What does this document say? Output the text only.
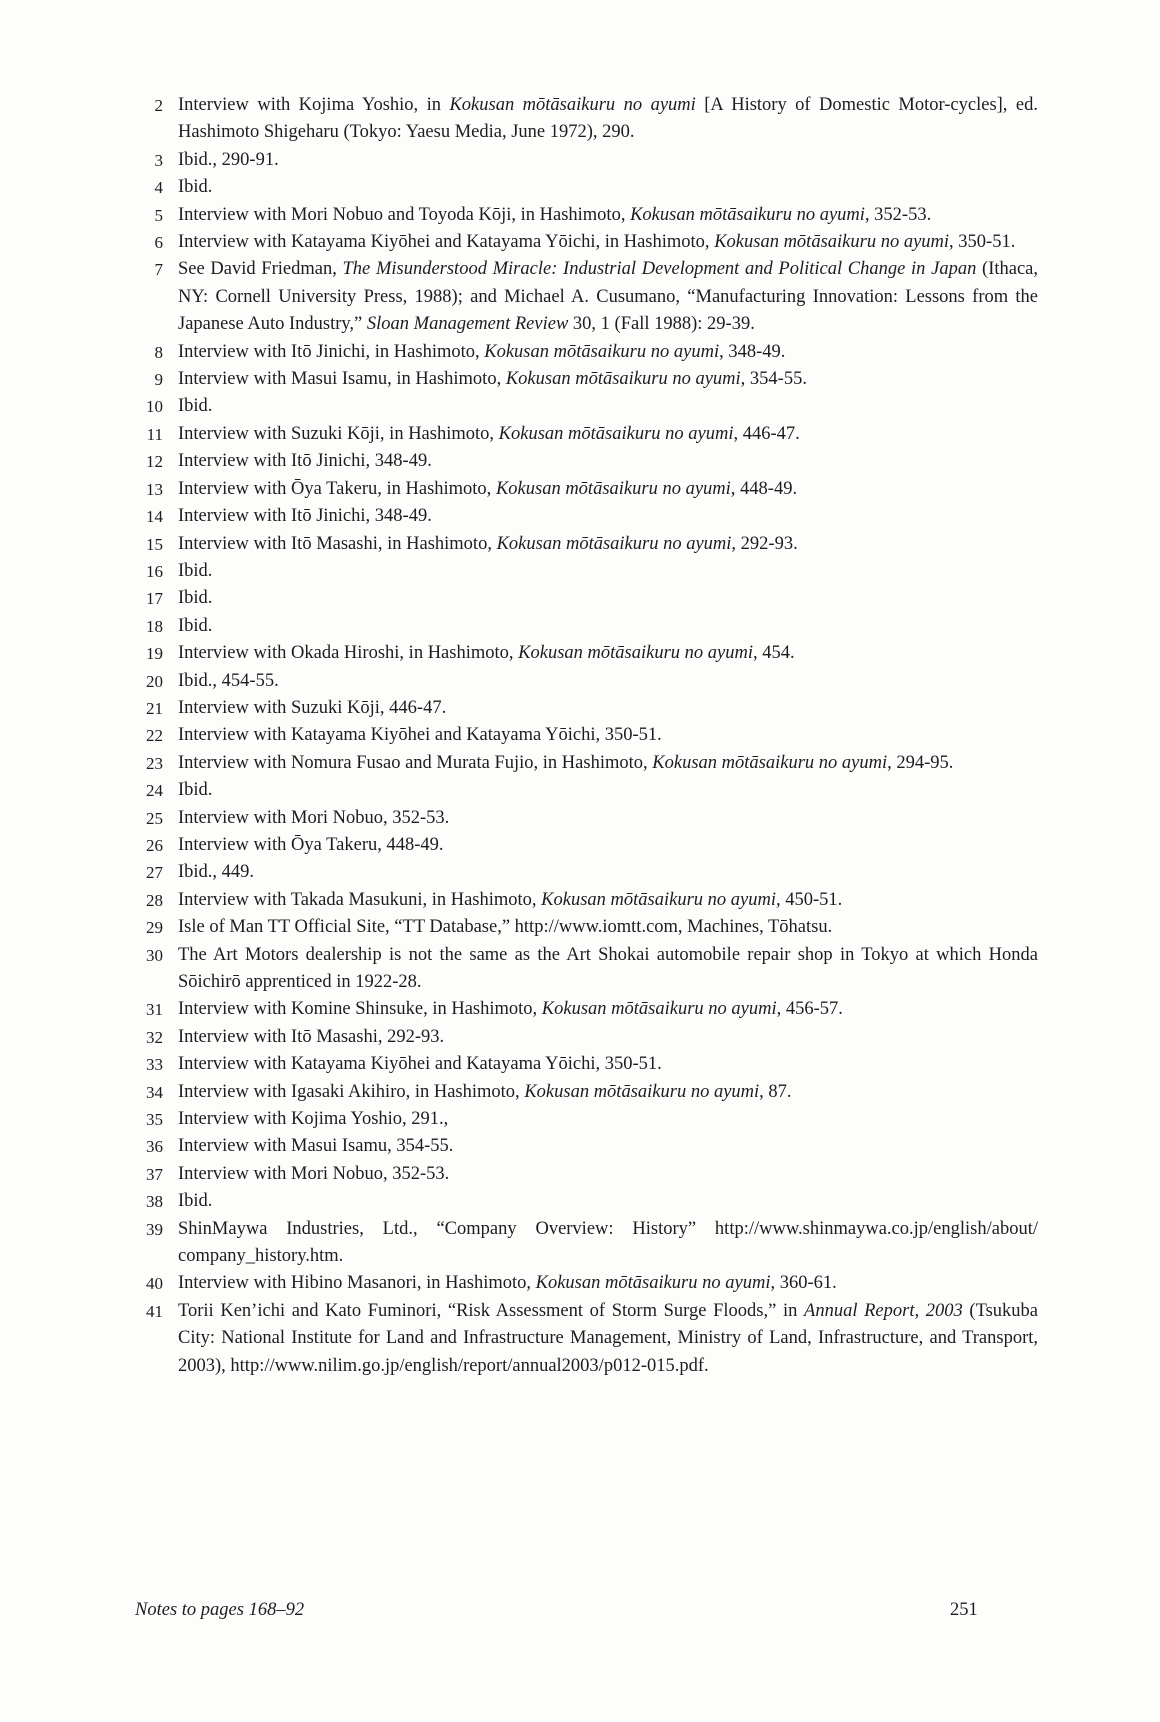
2 Interview with Kojima Yoshio, in Kokusan mōtāsaikuru no ayumi [A History of Domestic Motor-cycles], ed. Hashimoto Shigeharu (Tokyo: Yaesu Media, June 1972), 290.

3 Ibid., 290-91.

4 Ibid.

5 Interview with Mori Nobuo and Toyoda Kōji, in Hashimoto, Kokusan mōtāsaikuru no ayumi, 352-53.

6 Interview with Katayama Kiyōhei and Katayama Yōichi, in Hashimoto, Kokusan mōtāsaikuru no ayumi, 350-51.

7 See David Friedman, The Misunderstood Miracle: Industrial Development and Political Change in Japan (Ithaca, NY: Cornell University Press, 1988); and Michael A. Cusumano, “Manufacturing Innovation: Lessons from the Japanese Auto Industry,” Sloan Management Review 30, 1 (Fall 1988): 29-39.

8 Interview with Itō Jinichi, in Hashimoto, Kokusan mōtāsaikuru no ayumi, 348-49.

9 Interview with Masui Isamu, in Hashimoto, Kokusan mōtāsaikuru no ayumi, 354-55.

10 Ibid.

11 Interview with Suzuki Kōji, in Hashimoto, Kokusan mōtāsaikuru no ayumi, 446-47.

12 Interview with Itō Jinichi, 348-49.

13 Interview with Ōya Takeru, in Hashimoto, Kokusan mōtāsaikuru no ayumi, 448-49.

14 Interview with Itō Jinichi, 348-49.

15 Interview with Itō Masashi, in Hashimoto, Kokusan mōtāsaikuru no ayumi, 292-93.

16 Ibid.

17 Ibid.

18 Ibid.

19 Interview with Okada Hiroshi, in Hashimoto, Kokusan mōtāsaikuru no ayumi, 454.

20 Ibid., 454-55.

21 Interview with Suzuki Kōji, 446-47.

22 Interview with Katayama Kiyōhei and Katayama Yōichi, 350-51.

23 Interview with Nomura Fusao and Murata Fujio, in Hashimoto, Kokusan mōtāsaikuru no ayumi, 294-95.

24 Ibid.

25 Interview with Mori Nobuo, 352-53.

26 Interview with Ōya Takeru, 448-49.

27 Ibid., 449.

28 Interview with Takada Masukuni, in Hashimoto, Kokusan mōtāsaikuru no ayumi, 450-51.

29 Isle of Man TT Official Site, “TT Database,” http://www.iomtt.com, Machines, Tōhatsu.

30 The Art Motors dealership is not the same as the Art Shokai automobile repair shop in Tokyo at which Honda Sōichirō apprenticed in 1922-28.

31 Interview with Komine Shinsuke, in Hashimoto, Kokusan mōtāsaikuru no ayumi, 456-57.

32 Interview with Itō Masashi, 292-93.

33 Interview with Katayama Kiyōhei and Katayama Yōichi, 350-51.

34 Interview with Igasaki Akihiro, in Hashimoto, Kokusan mōtāsaikuru no ayumi, 87.

35 Interview with Kojima Yoshio, 291.,

36 Interview with Masui Isamu, 354-55.

37 Interview with Mori Nobuo, 352-53.

38 Ibid.

39 ShinMaywa Industries, Ltd., “Company Overview: History” http://www.shinmaywa.co.jp/english/about/company_history.htm.

40 Interview with Hibino Masanori, in Hashimoto, Kokusan mōtāsaikuru no ayumi, 360-61.

41 Torii Ken’ichi and Kato Fuminori, “Risk Assessment of Storm Surge Floods,” in Annual Report, 2003 (Tsukuba City: National Institute for Land and Infrastructure Management, Ministry of Land, Infrastructure, and Transport, 2003), http://www.nilim.go.jp/english/report/annual2003/p012-015.pdf.

Notes to pages 168–92	251
